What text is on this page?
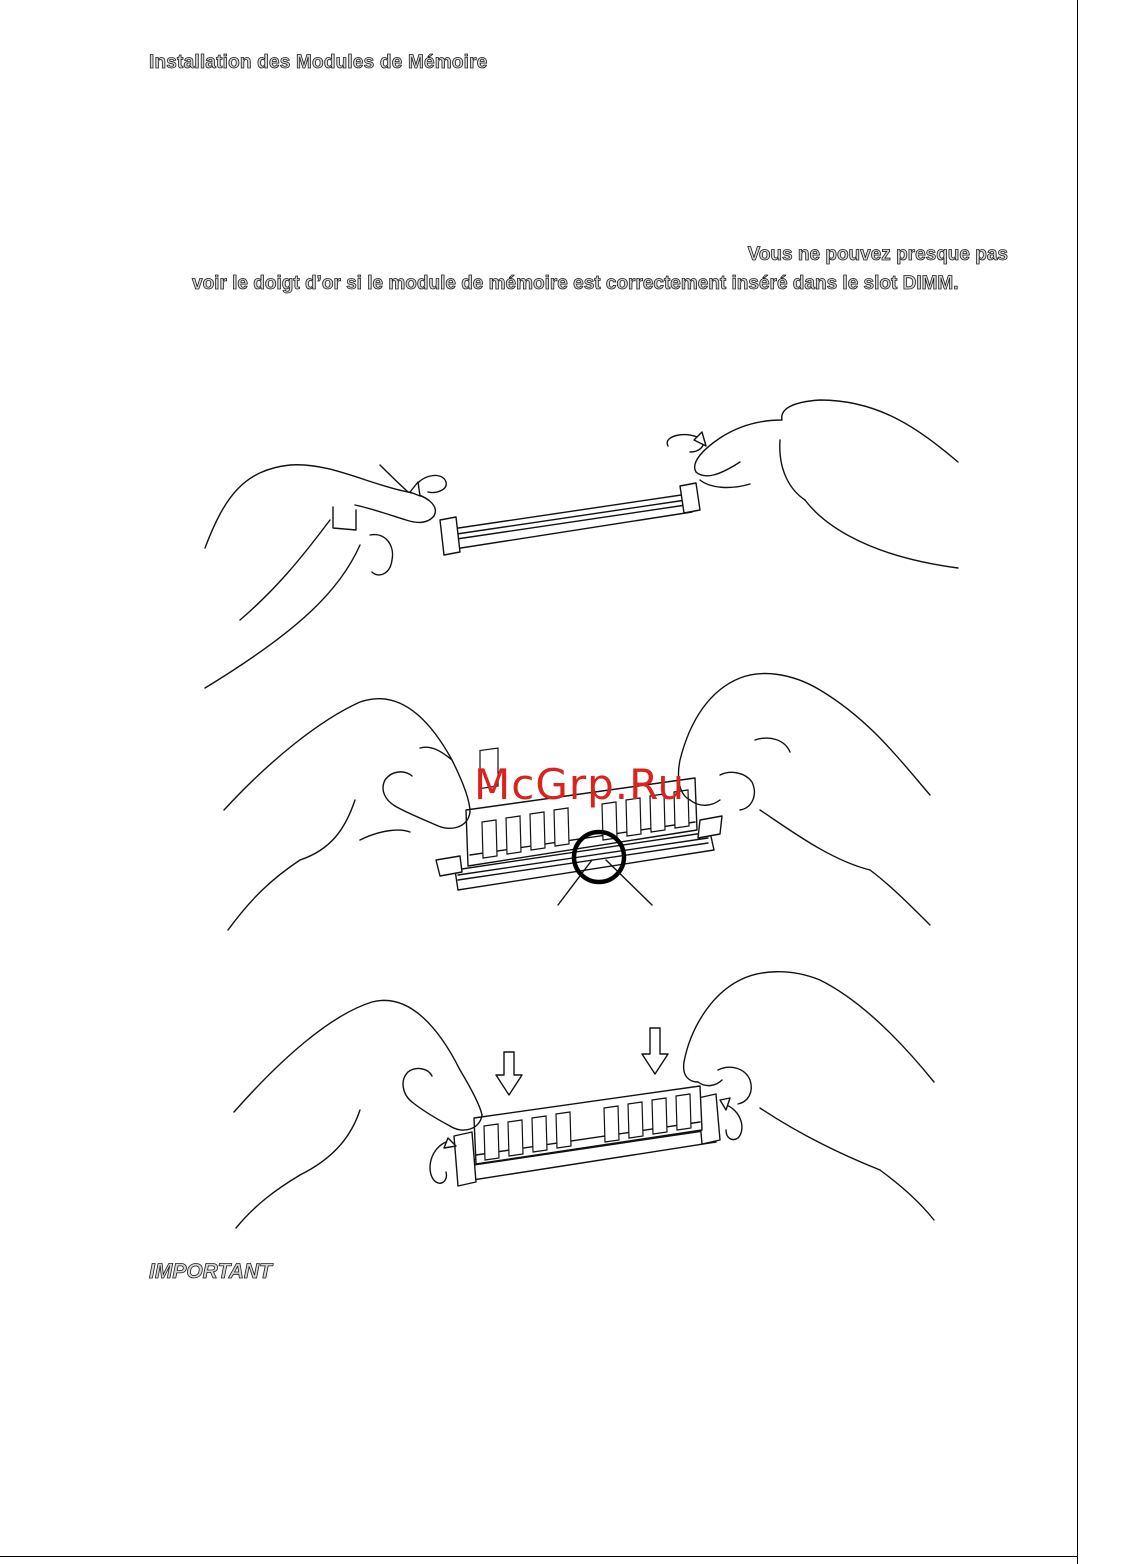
Installation des Modules de Mémoire
Vous ne pouvez presque pas
voir le doigt d’or si le module de mémoire est correctement inséré dans le slot DIMM.
McGrp.Ru
IMPORTANT
